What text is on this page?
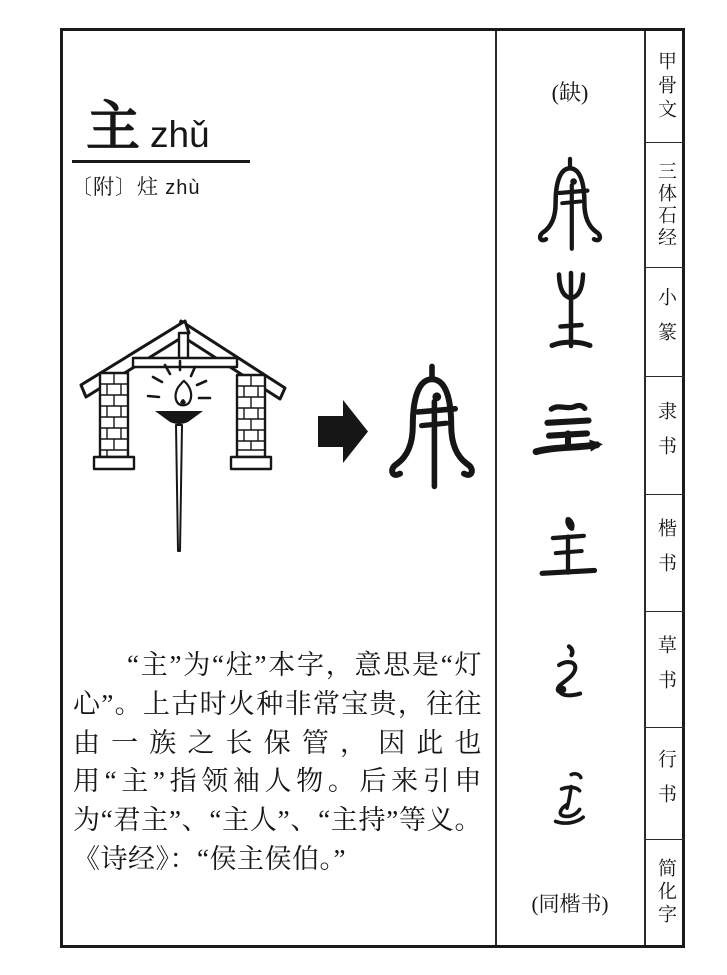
主 zhǔ
〔附〕炷 zhù
“主”为“炷”本字，意思是“灯心”。上古时火种非常宝贵，往往由一族之长保管，因此也用“主”指领袖人物。后来引申为“君主”、“主人”、“主持”等义。《诗经》：“侯主侯伯。”
(缺)
(同楷书)
甲骨文
三体石经
小篆
隶书
楷书
草书
行书
简化字
